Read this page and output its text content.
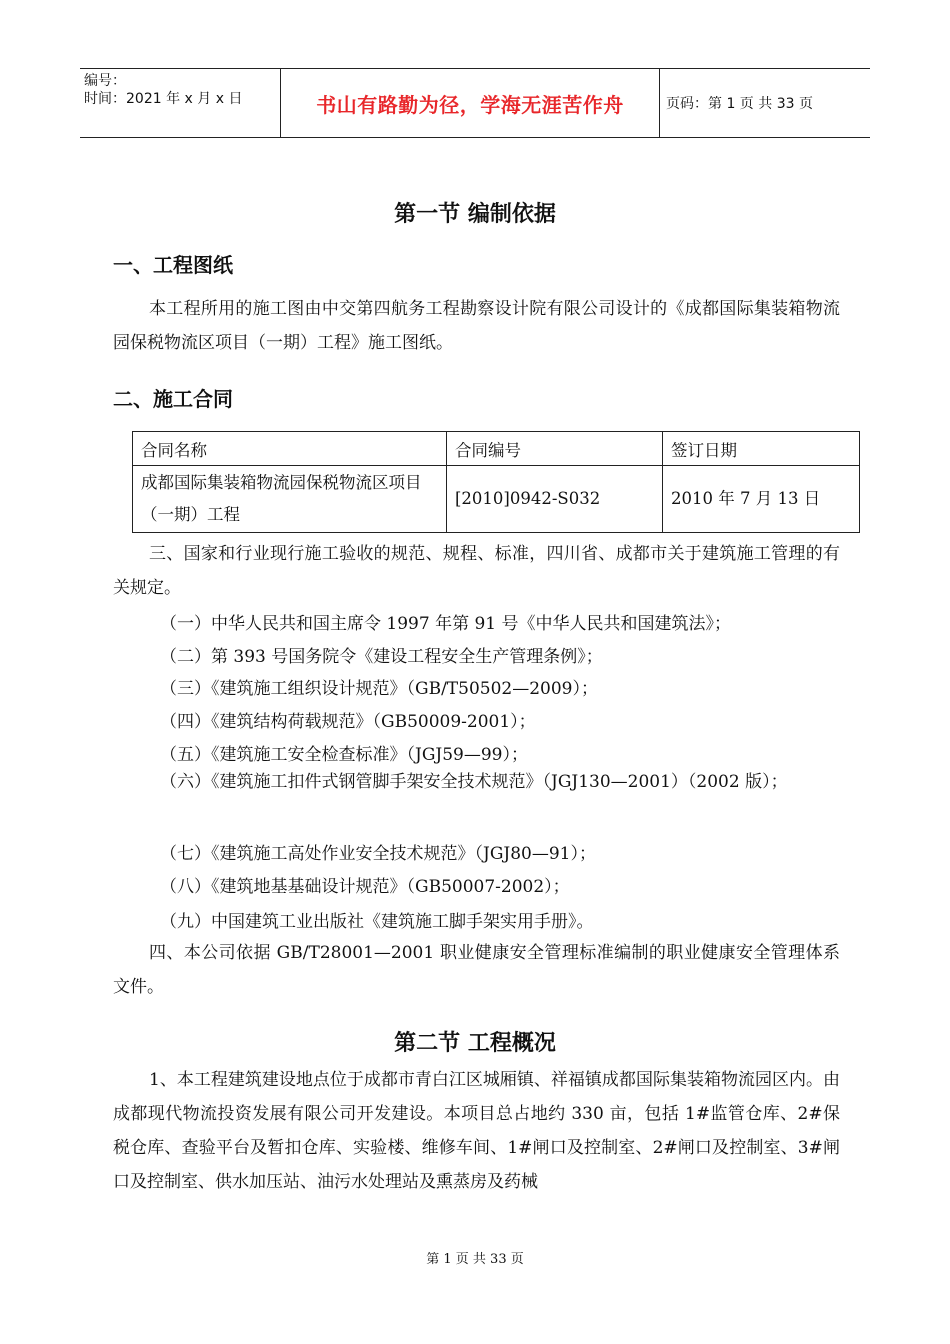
编号：
时间：2021 年 x 月 x 日	书山有路勤为径，学海无涯苦作舟	页码：第 1 页 共 33 页
第一节 编制依据
一、工程图纸

本工程所用的施工图由中交第四航务工程勘察设计院有限公司设计的《成都国际集装箱物流园保税物流区项目（一期）工程》施工图纸。

二、施工合同
合同名称	合同编号	签订日期
成都国际集装箱物流园保税物流区项目（一期）工程	[2010]0942-S032	2010 年 7 月 13 日

三、国家和行业现行施工验收的规范、规程、标准，四川省、成都市关于建筑施工管理的有关规定。

（一）中华人民共和国主席令 1997 年第 91 号《中华人民共和国建筑法》；
（二）第 393 号国务院令《建设工程安全生产管理条例》；
（三）《建筑施工组织设计规范》（GB/T50502—2009）；
（四）《建筑结构荷载规范》（GB50009-2001）；
（五）《建筑施工安全检查标准》（JGJ59—99）；

（六）《建筑施工扣件式钢管脚手架安全技术规范》（JGJ130—2001）（2002 版）；

（七）《建筑施工高处作业安全技术规范》（JGJ80—91）；
（八）《建筑地基基础设计规范》（GB50007-2002）；
（九）中国建筑工业出版社《建筑施工脚手架实用手册》。

四、本公司依据 GB/T28001—2001 职业健康安全管理标准编制的职业健康安全管理体系文件。

第二节 工程概况

1、本工程建筑建设地点位于成都市青白江区城厢镇、祥福镇成都国际集装箱物流园区内。由成都现代物流投资发展有限公司开发建设。本项目总占地约 330 亩，包括 1#监管仓库、2#保税仓库、查验平台及暂扣仓库、实验楼、维修车间、1#闸口及控制室、2#闸口及控制室、3#闸口及控制室、供水加压站、油污水处理站及熏蒸房及药械

第 1 页 共 33 页
